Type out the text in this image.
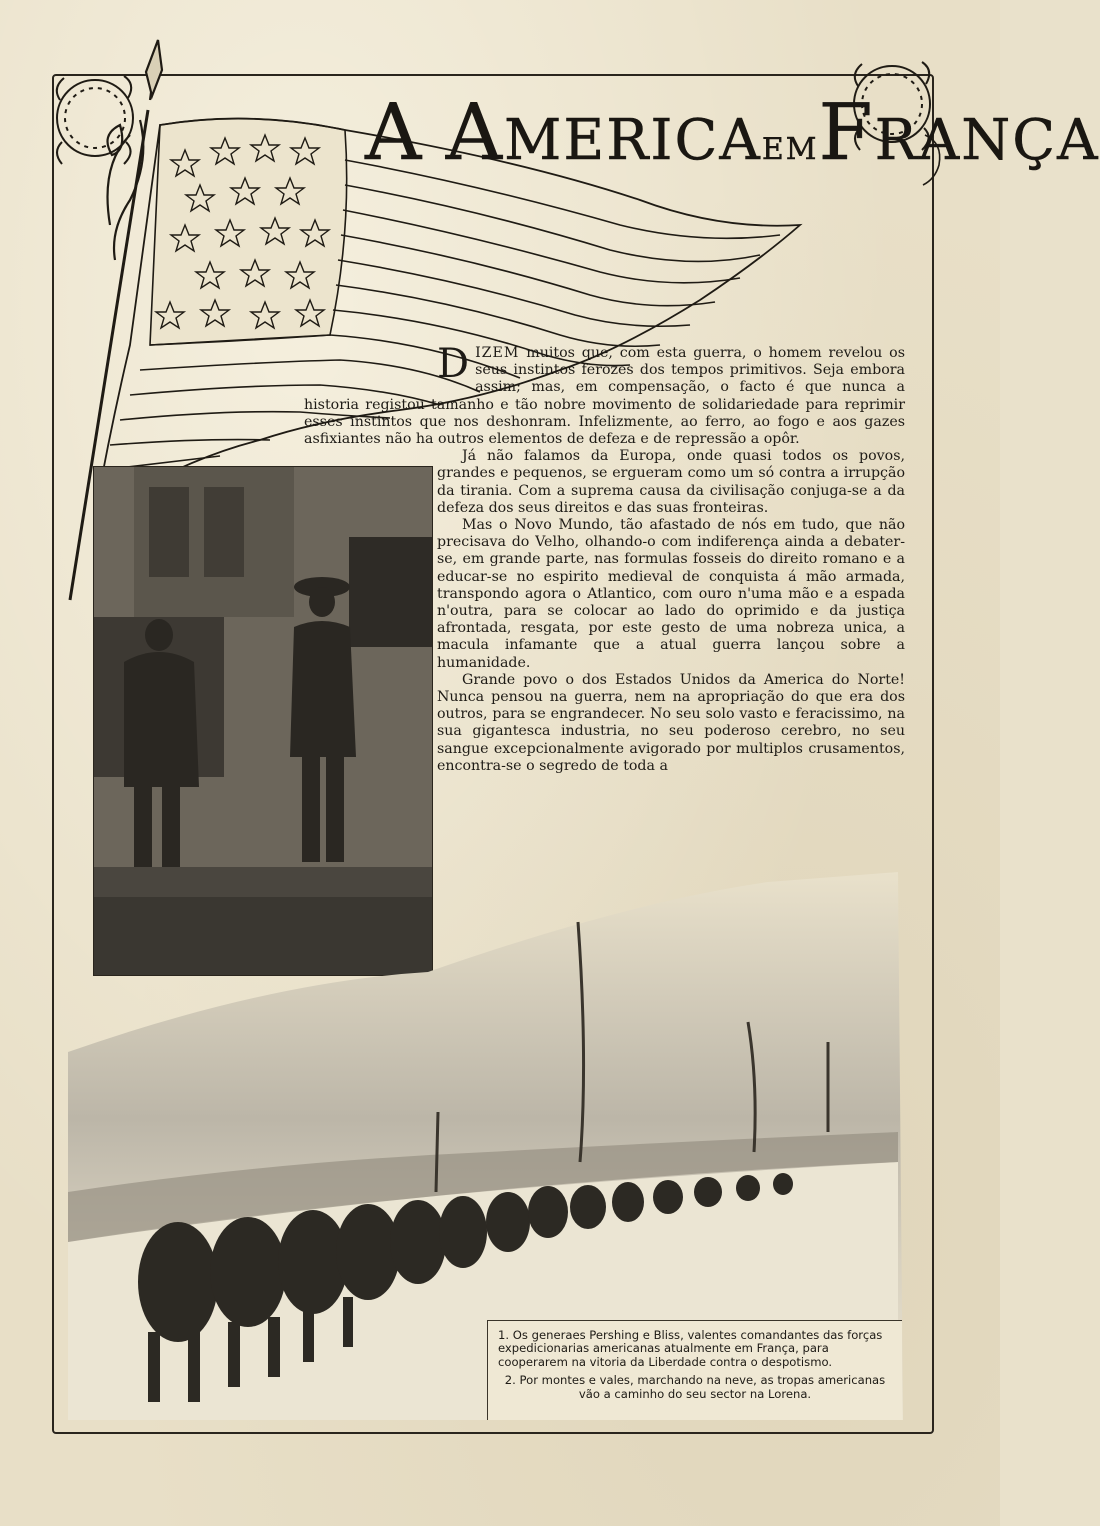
A AMERICAEMFRANÇA

DIZEM muitos que, com esta guerra, o homem revelou os seus instintos ferozes dos tempos primitivos. Seja embora assim; mas, em compensação, o facto é que nunca a historia registou tamanho e tão nobre movimento de solidariedade para reprimir esses instintos que nos deshonram. Infelizmente, ao ferro, ao fogo e aos gazes asfixiantes não ha outros elementos de defeza e de repressão a opôr.

Já não falamos da Europa, onde quasi todos os povos, grandes e pequenos, se ergueram como um só contra a irrupção da tirania. Com a suprema causa da civilisação conjuga-se a da defeza dos seus direitos e das suas fronteiras.

Mas o Novo Mundo, tão afastado de nós em tudo, que não precisava do Velho, olhando-o com indiferença ainda a debater-se, em grande parte, nas formulas fosseis do direito romano e a educar-se no espirito medieval de conquista á mão armada, transpondo agora o Atlantico, com ouro n'uma mão e a espada n'outra, para se colocar ao lado do oprimido e da justiça afrontada, resgata, por este gesto de uma nobreza unica, a macula infamante que a atual guerra lançou sobre a humanidade.

Grande povo o dos Estados Unidos da America do Norte! Nunca pensou na guerra, nem na apropriação do que era dos outros, para se engrandecer. No seu solo vasto e feracissimo, na sua gigantesca industria, no seu poderoso cerebro, no seu sangue excepcionalmente avigorado por multiplos crusamentos, encontra-se o segredo de toda a

1. Os generaes Pershing e Bliss, valentes comandantes das forças expedicionarias americanas atualmente em França, para cooperarem na vitoria da Liberdade contra o despotismo.

2. Por montes e vales, marchando na neve, as tropas americanas vão a caminho do seu sector na Lorena.
